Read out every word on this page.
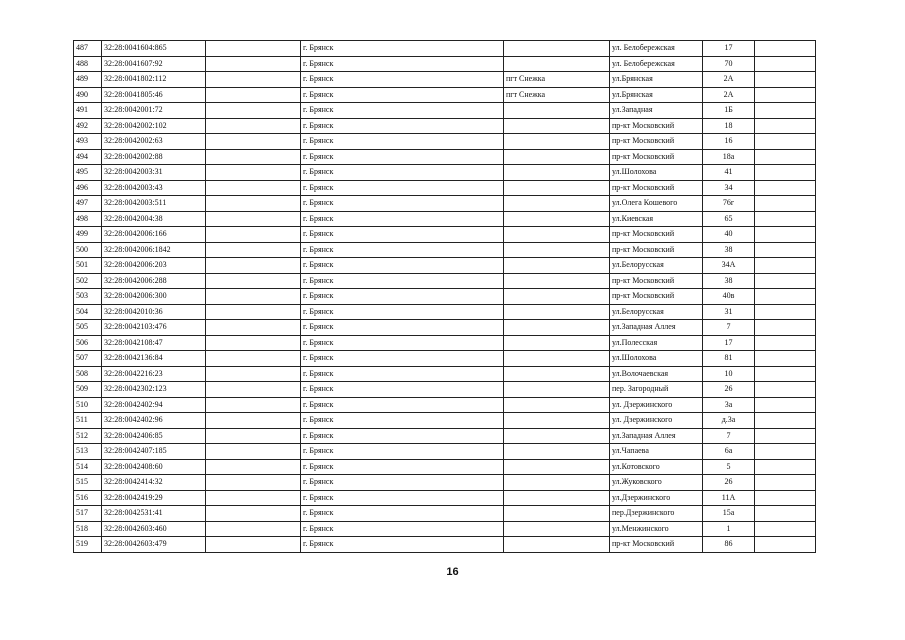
487	32:28:0041604:865		г. Брянск		ул. Белобережская	17	
488	32:28:0041607:92		г. Брянск		ул. Белобережская	70	
489	32:28:0041802:112		г. Брянск	пгт Снежка	ул.Брянская	2А	
490	32:28:0041805:46		г. Брянск	пгт Снежка	ул.Брянская	2А	
491	32:28:0042001:72		г. Брянск		ул.Западная	1Б	
492	32:28:0042002:102		г. Брянск		пр-кт Московский	18	
493	32:28:0042002:63		г. Брянск		пр-кт Московский	16	
494	32:28:0042002:88		г. Брянск		пр-кт Московский	18а	
495	32:28:0042003:31		г. Брянск		ул.Шолохова	41	
496	32:28:0042003:43		г. Брянск		пр-кт Московский	34	
497	32:28:0042003:511		г. Брянск		ул.Олега Кошевого	76г	
498	32:28:0042004:38		г. Брянск		ул.Киевская	65	
499	32:28:0042006:166		г. Брянск		пр-кт Московский	40	
500	32:28:0042006:1842		г. Брянск		пр-кт Московский	38	
501	32:28:0042006:203		г. Брянск		ул.Белорусская	34А	
502	32:28:0042006:288		г. Брянск		пр-кт Московский	38	
503	32:28:0042006:300		г. Брянск		пр-кт Московский	40в	
504	32:28:0042010:36		г. Брянск		ул.Белорусская	31	
505	32:28:0042103:476		г. Брянск		ул.Западная Аллея	7	
506	32:28:0042108:47		г. Брянск		ул.Полесская	17	
507	32:28:0042136:84		г. Брянск		ул.Шолохова	81	
508	32:28:0042216:23		г. Брянск		ул.Волочаевская	10	
509	32:28:0042302:123		г. Брянск		пер. Загородный	26	
510	32:28:0042402:94		г. Брянск		ул. Дзержинского	3а	
511	32:28:0042402:96		г. Брянск		ул. Дзержинского	д.3а	
512	32:28:0042406:85		г. Брянск		ул.Западная Аллея	7	
513	32:28:0042407:185		г. Брянск		ул.Чапаева	6а	
514	32:28:0042408:60		г. Брянск		ул.Котовского	5	
515	32:28:0042414:32		г. Брянск		ул.Жуковского	26	
516	32:28:0042419:29		г. Брянск		ул.Дзержинского	11А	
517	32:28:0042531:41		г. Брянск		пер.Дзержинского	15а	
518	32:28:0042603:460		г. Брянск		ул.Менжинского	1	
519	32:28:0042603:479		г. Брянск		пр-кт Московский	86	
16
